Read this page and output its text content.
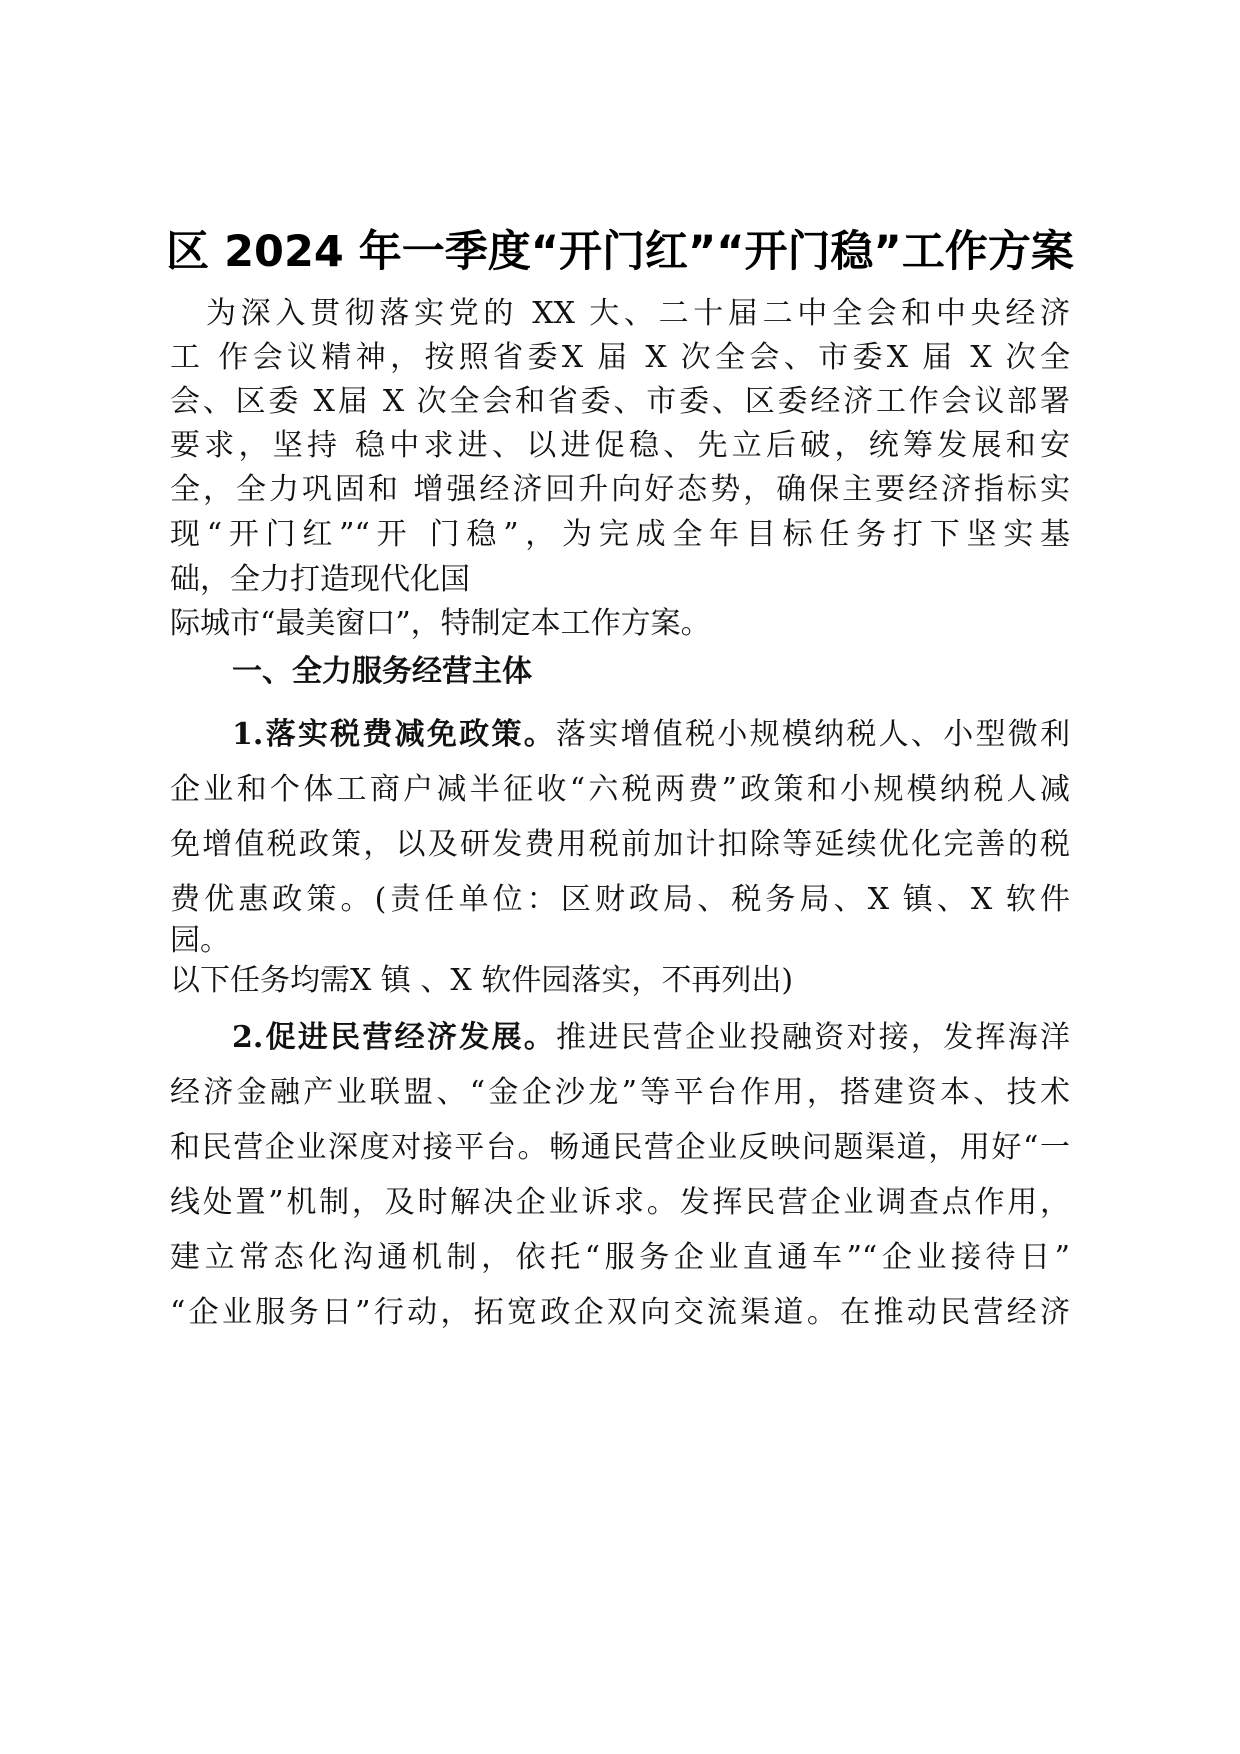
区 2024 年一季度“开门红”“开门稳”工作方案
为深入贯彻落实党的 XX 大、二十届二中全会和中央经济
工 作会议精神，按照省委X 届 X 次全会、市委X 届 X 次全
会、区委 X届 X 次全会和省委、市委、区委经济工作会议部署
要求，坚持 稳中求进、以进促稳、先立后破，统筹发展和安
全，全力巩固和 增强经济回升向好态势，确保主要经济指标实
现“开门红”“开 门稳”，为完成全年目标任务打下坚实基
础，全力打造现代化国
际城市“最美窗口”，特制定本工作方案。
一、全力服务经营主体
1.落实税费减免政策。落实增值税小规模纳税人、小型微利
企业和个体工商户减半征收“六税两费”政策和小规模纳税人减
免增值税政策，以及研发费用税前加计扣除等延续优化完善的税
费优惠政策。(责任单位：区财政局、税务局、X 镇、X 软件
园。
以下任务均需X 镇 、X 软件园落实，不再列出)
2.促进民营经济发展。推进民营企业投融资对接，发挥海洋
经济金融产业联盟、“金企沙龙”等平台作用，搭建资本、技术
和民营企业深度对接平台。畅通民营企业反映问题渠道，用好“一
线处置”机制，及时解决企业诉求。发挥民营企业调查点作用，
建立常态化沟通机制，依托“服务企业直通车”“企业接待日”
“企业服务日”行动，拓宽政企双向交流渠道。在推动民营经济
